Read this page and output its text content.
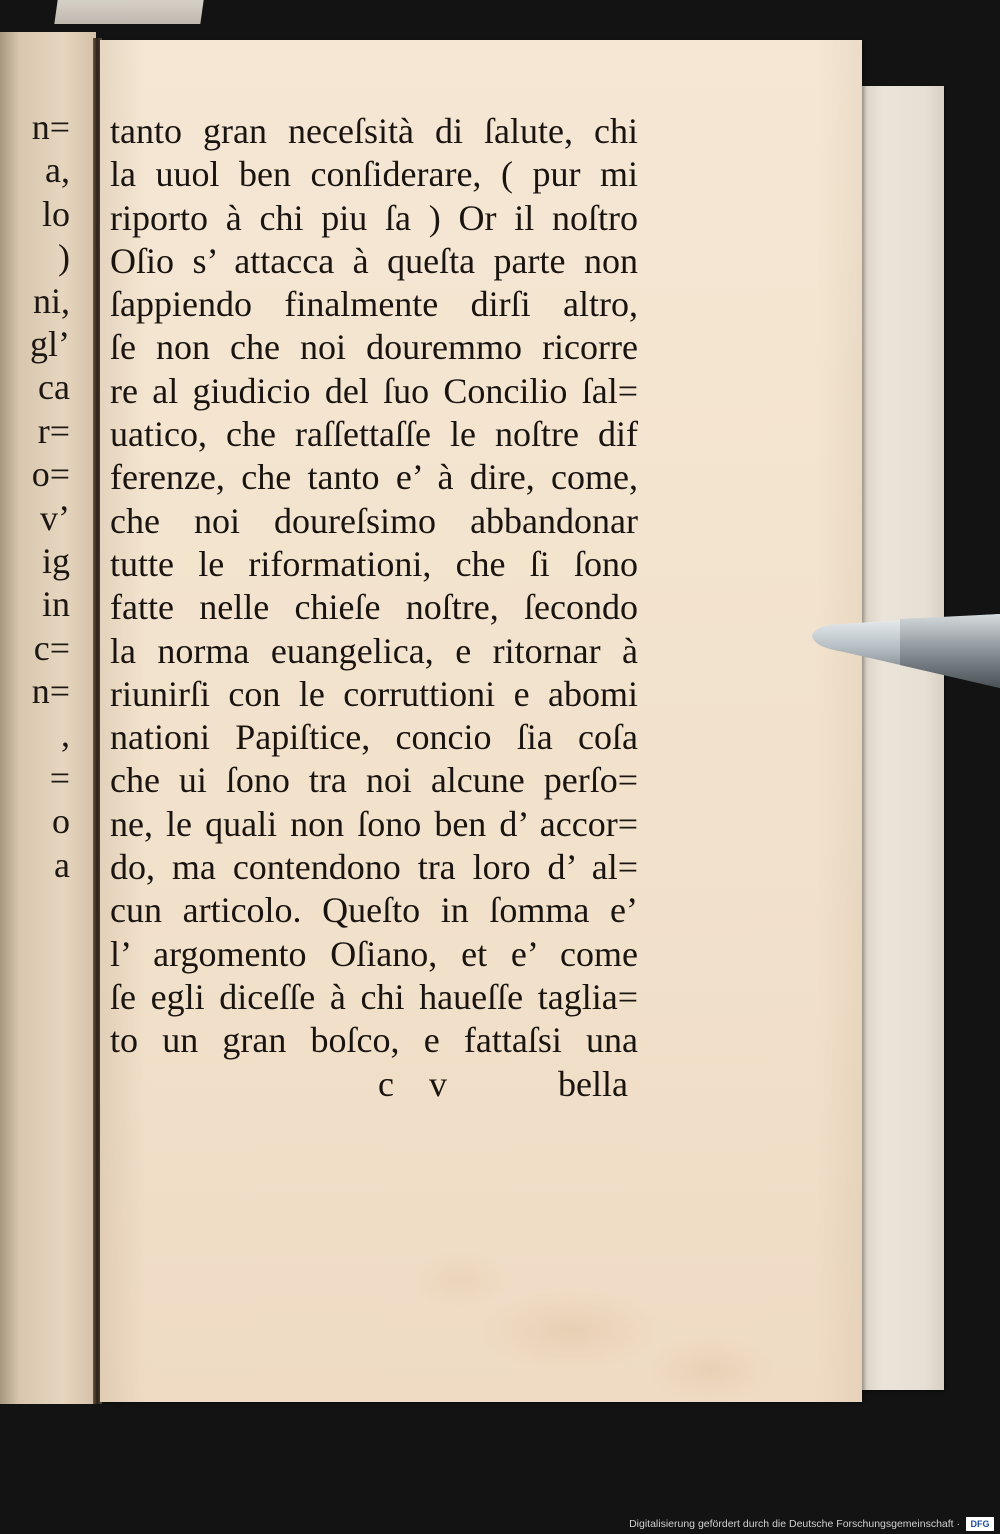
n=
a,
lo
)
ni,
gl’
ca
r=
o=
v’
ig
in
c=
n=
,
=
o
a
tanto gran neceſsità di ſalute, chi
la uuol ben conſiderare, ( pur mi
riporto à chi piu ſa ) Or il noſtro
Oſio s’ attacca à queſta parte non
ſappiendo finalmente dirſi altro,
ſe non che noi douremmo ricorre
re al giudicio del ſuo Concilio ſal=
uatico, che raſſettaſſe le noſtre dif
ferenze, che tanto e’ à dire, come,
che noi doureſsimo abbandonar
tutte le riformationi, che ſi ſono
fatte nelle chieſe noſtre, ſecondo
la norma euangelica, e ritornar à
riunirſi con le corruttioni e abomi
nationi Papiſtice, concio ſia coſa
che ui ſono tra noi alcune perſo=
ne, le quali non ſono ben d’ accor=
do, ma contendono tra loro d’ al=
cun articolo. Queſto in ſomma e’
l’ argomento Oſiano, et e’ come
ſe egli diceſſe à chi haueſſe taglia=
to un gran boſco, e fattaſsi una
c v	bella
Digitalisierung gefördert durch die Deutsche Forschungsgemeinschaft ·	DFG
